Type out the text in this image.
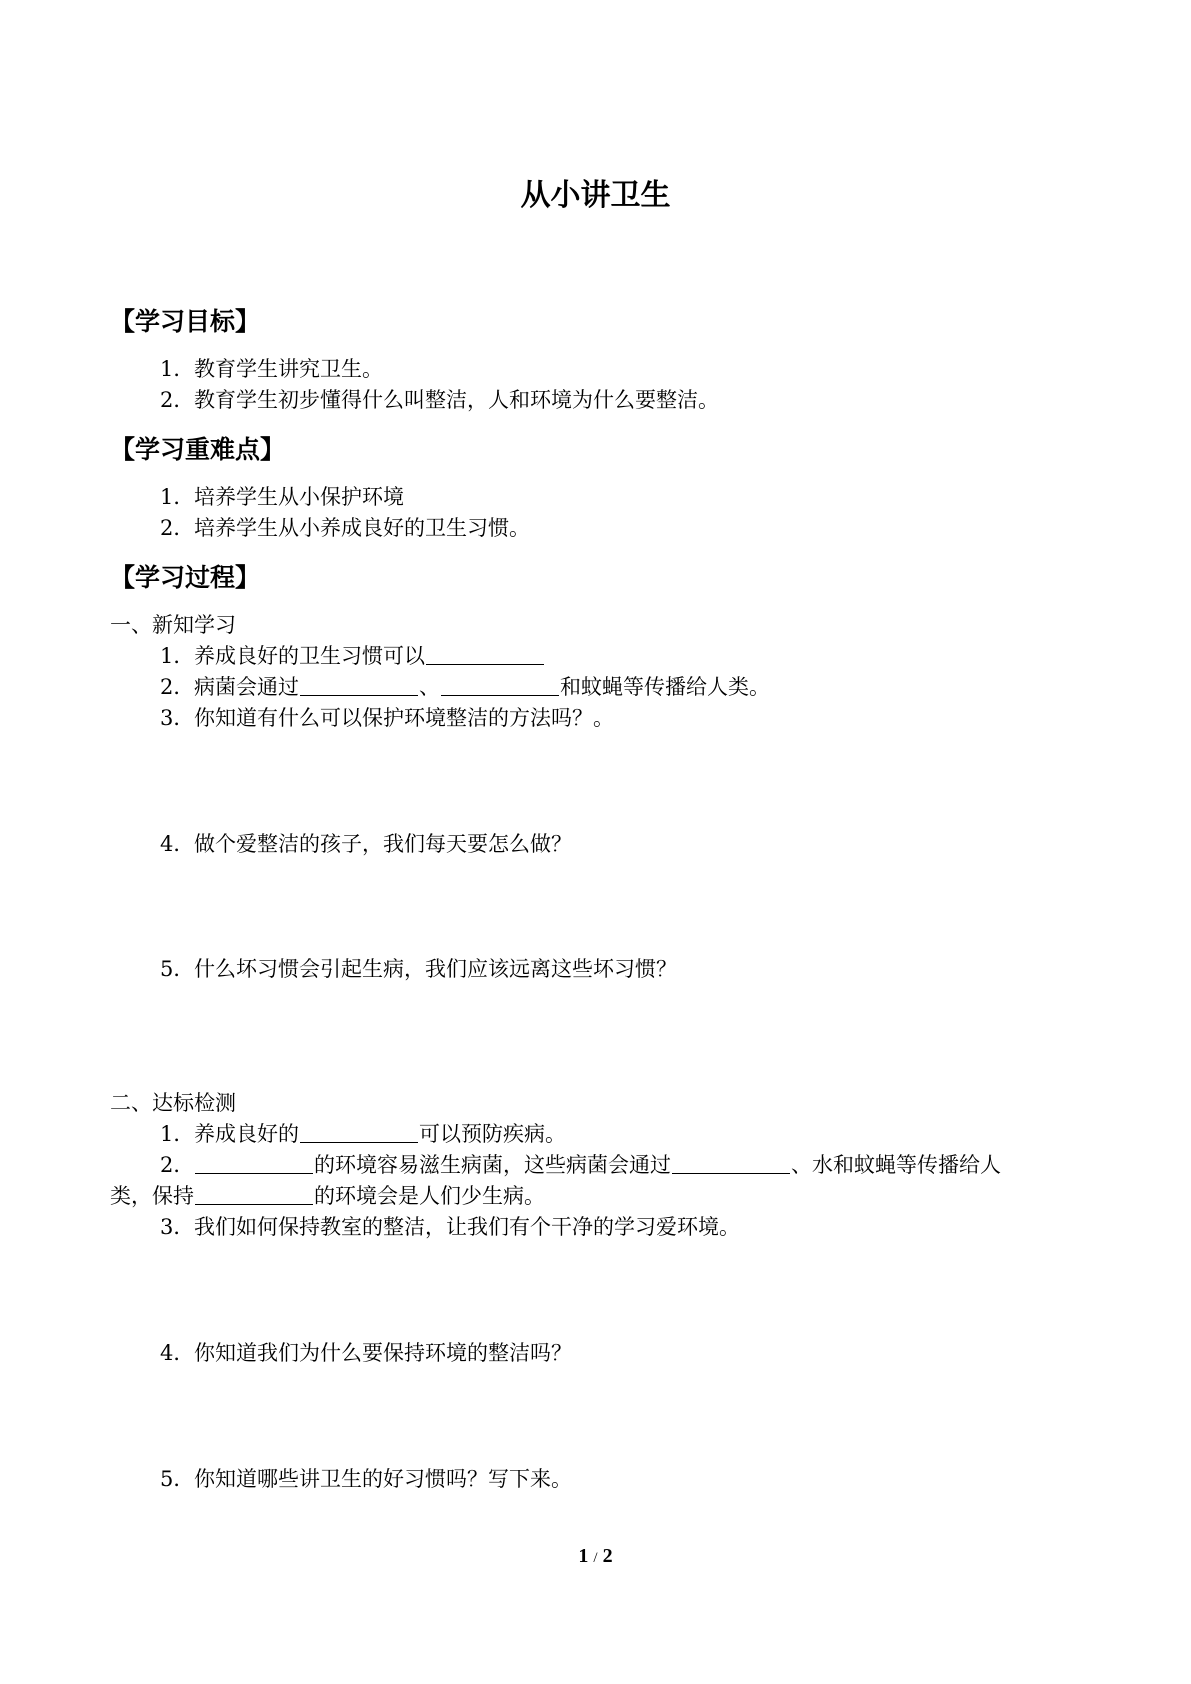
从小讲卫生
【学习目标】
1．教育学生讲究卫生。
2．教育学生初步懂得什么叫整洁，人和环境为什么要整洁。
【学习重难点】
1．培养学生从小保护环境
2．培养学生从小养成良好的卫生习惯。
【学习过程】
一、新知学习
1．养成良好的卫生习惯可以
2．病菌会通过	、	和蚊蝇等传播给人类。
3．你知道有什么可以保护环境整洁的方法吗？。
4．做个爱整洁的孩子，我们每天要怎么做？
5．什么坏习惯会引起生病，我们应该远离这些坏习惯？
二、达标检测
1．养成良好的	可以预防疾病。
2．	的环境容易滋生病菌，这些病菌会通过	、水和蚊蝇等传播给人
类，保持	的环境会是人们少生病。
3．我们如何保持教室的整洁，让我们有个干净的学习爱环境。
4．你知道我们为什么要保持环境的整洁吗？
5．你知道哪些讲卫生的好习惯吗？写下来。
1 / 2
